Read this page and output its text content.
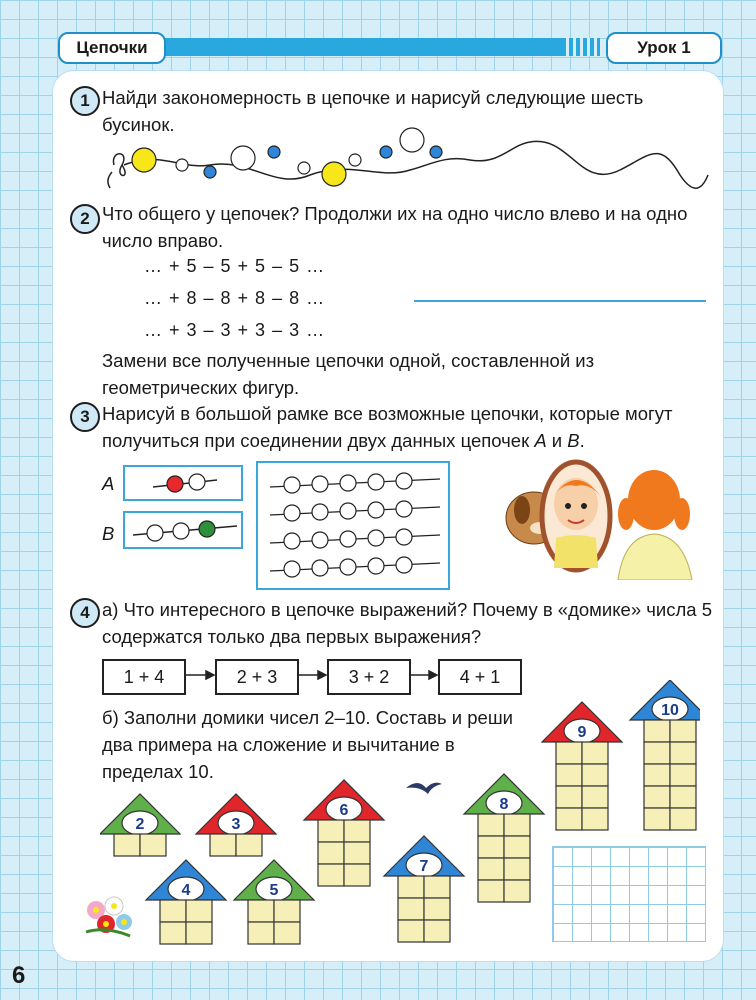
Цепочки	Урок 1
1 Найди закономерность в цепочке и нарисуй следующие шесть бусинок.
2 Что общего у цепочек? Продолжи их на одно число влево и на одно число вправо.
… + 5 – 5 + 5 – 5 …
… + 8 – 8 + 8 – 8 …
… + 3 – 3 + 3 – 3 …
Замени все полученные цепочки одной, составленной из геометрических фигур.
3 Нарисуй в большой рамке все возможные цепочки, которые могут получиться при соединении двух данных цепочек А и В.
А
В
4 а) Что интересного в цепочке выражений? Почему в «домике» числа 5 содержатся только два первых выражения?
1 + 4	2 + 3	3 + 2	4 + 1
б) Заполни домики чисел 2–10. Составь и реши два примера на сложение и вычитание в пределах 10.
2	3
4	5
6
7
8
9
10
6
